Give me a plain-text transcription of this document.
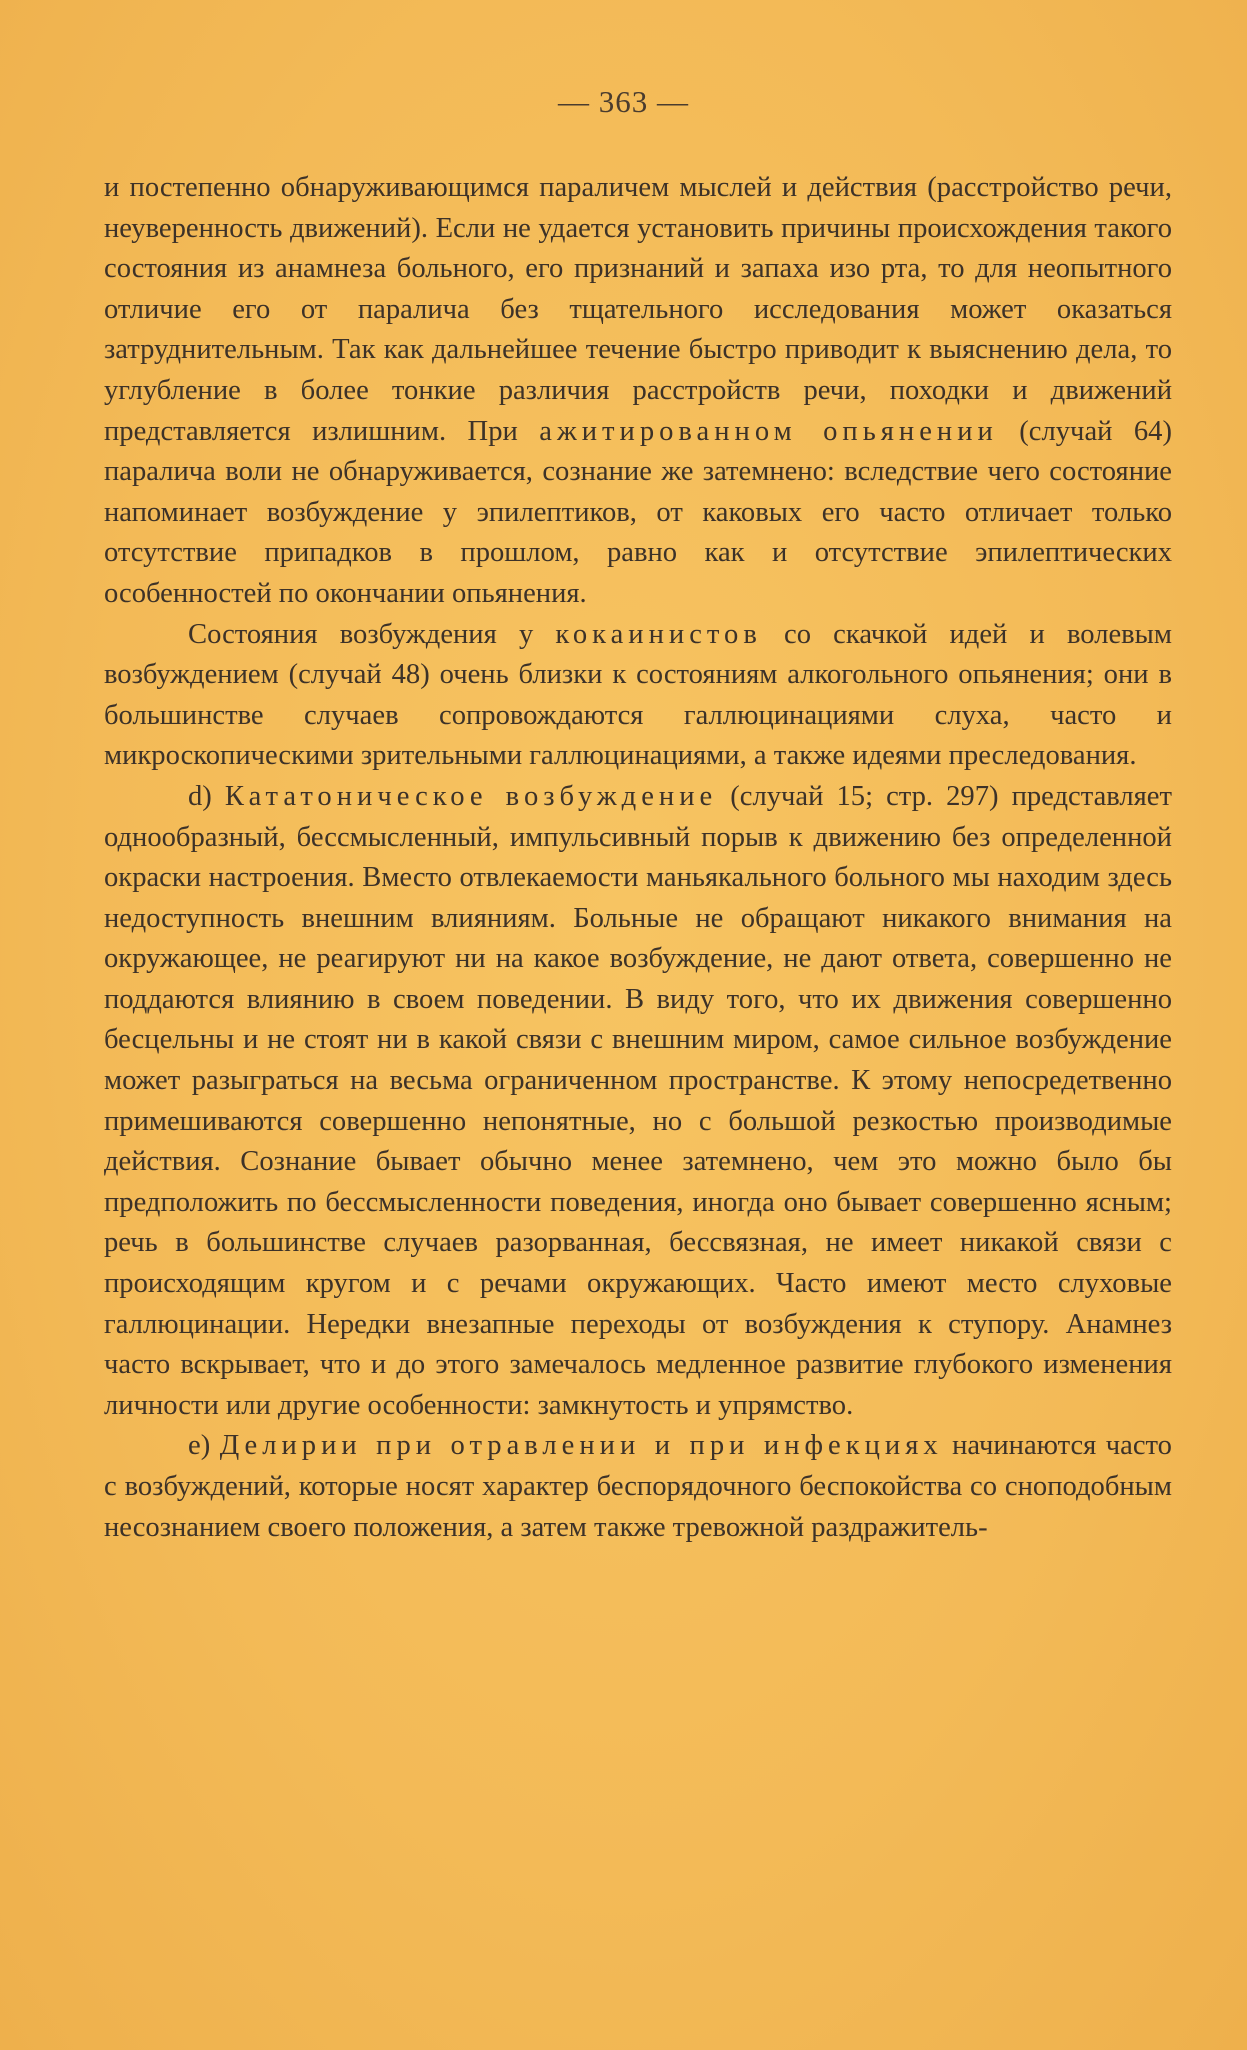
— 363 —

и постепенно обнаруживающимся параличем мыслей и действия (расстройство речи, неуверенность движений). Если не удается установить причины происхождения такого состояния из анамнеза больного, его признаний и запаха изо рта, то для неопытного отличие его от паралича без тщательного исследования может оказаться затруднительным. Так как дальнейшее течение быстро приводит к выяснению дела, то углубление в более тонкие различия расстройств речи, походки и движений представляется излишним. При ажитированном опьянении (случай 64) паралича воли не обнаруживается, сознание же затемнено: вследствие чего состояние напоминает возбуждение у эпилептиков, от каковых его часто отличает только отсутствие припадков в прошлом, равно как и отсутствие эпилептических особенностей по окончании опьянения.

Состояния возбуждения у кокаинистов со скачкой идей и волевым возбуждением (случай 48) очень близки к состояниям алкогольного опьянения; они в большинстве случаев сопровождаются галлюцинациями слуха, часто и микроскопическими зрительными галлюцинациями, а также идеями преследования.

d) Кататоническое возбуждение (случай 15; стр. 297) представляет однообразный, бессмысленный, импульсивный порыв к движению без определенной окраски настроения. Вместо отвлекаемости маньякального больного мы находим здесь недоступность внешним влияниям. Больные не обращают никакого внимания на окружающее, не реагируют ни на какое возбуждение, не дают ответа, совершенно не поддаются влиянию в своем поведении. В виду того, что их движения совершенно бесцельны и не стоят ни в какой связи с внешним миром, самое сильное возбуждение может разыграться на весьма ограниченном пространстве. К этому непосредетвенно примешиваются совершенно непонятные, но с большой резкостью производимые действия. Сознание бывает обычно менее затемнено, чем это можно было бы предположить по бессмысленности поведения, иногда оно бывает совершенно ясным; речь в большинстве случаев разорванная, бессвязная, не имеет никакой связи с происходящим кругом и с речами окружающих. Часто имеют место слуховые галлюцинации. Нередки внезапные переходы от возбуждения к ступору. Анамнез часто вскрывает, что и до этого замечалось медленное развитие глубокого изменения личности или другие особенности: замкнутость и упрямство.

e) Делирии при отравлении и при инфекциях начинаются часто с возбуждений, которые носят характер беспорядочного беспокойства со сноподобным несознанием своего положения, а затем также тревожной раздражитель-
